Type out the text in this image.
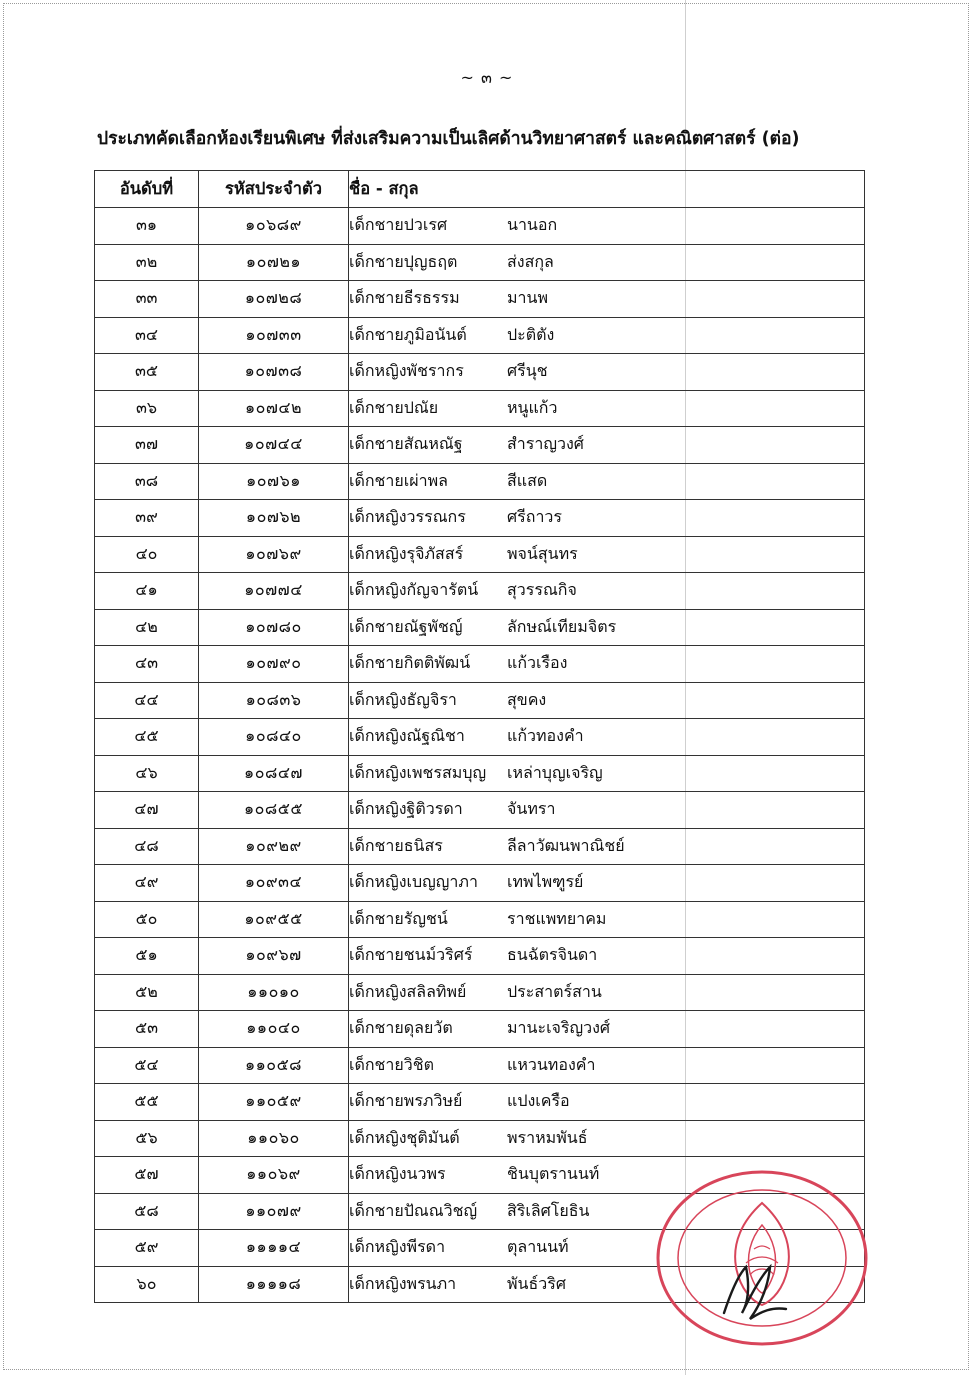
~ ๓ ~
ประเภทคัดเลือกห้องเรียนพิเศษ ที่ส่งเสริมความเป็นเลิศด้านวิทยาศาสตร์ และคณิตศาสตร์ (ต่อ)
อันดับที่	รหัสประจำตัว	ชื่อ - สกุล
๓๑	๑๐๖๘๙	เด็กชายปวเรศ นานอก
๓๒	๑๐๗๒๑	เด็กชายปุญธฤต ส่งสกุล
๓๓	๑๐๗๒๘	เด็กชายธีรธรรม มานพ
๓๔	๑๐๗๓๓	เด็กชายภูมิอนันต์ ปะติตัง
๓๕	๑๐๗๓๘	เด็กหญิงพัชรากร ศรีนุช
๓๖	๑๐๗๔๒	เด็กชายปณัย หนูแก้ว
๓๗	๑๐๗๔๔	เด็กชายสัณหณัฐ สำราญวงศ์
๓๘	๑๐๗๖๑	เด็กชายเผ่าพล สีแสด
๓๙	๑๐๗๖๒	เด็กหญิงวรรณกร ศรีถาวร
๔๐	๑๐๗๖๙	เด็กหญิงรุจิภัสสร์ พจน์สุนทร
๔๑	๑๐๗๗๔	เด็กหญิงกัญจารัตน์ สุวรรณกิจ
๔๒	๑๐๗๘๐	เด็กชายณัฐพัชญ์ ลักษณ์เทียมจิตร
๔๓	๑๐๗๙๐	เด็กชายกิตติพัฒน์ แก้วเรือง
๔๔	๑๐๘๓๖	เด็กหญิงธัญจิรา สุขคง
๔๕	๑๐๘๔๐	เด็กหญิงณัฐณิชา แก้วทองคำ
๔๖	๑๐๘๔๗	เด็กหญิงเพชรสมบุญ เหล่าบุญเจริญ
๔๗	๑๐๘๕๕	เด็กหญิงฐิติวรดา จันทรา
๔๘	๑๐๙๒๙	เด็กชายธนิสร ลีลาวัฒนพาณิชย์
๔๙	๑๐๙๓๔	เด็กหญิงเบญญาภา เทพไพฑูรย์
๕๐	๑๐๙๕๕	เด็กชายรัญชน์ ราชแพทยาคม
๕๑	๑๐๙๖๗	เด็กชายชนม์วริศร์ ธนฉัตรจินดา
๕๒	๑๑๐๑๐	เด็กหญิงสลิลทิพย์ ประสาตร์สาน
๕๓	๑๑๐๔๐	เด็กชายดุลยวัต มานะเจริญวงศ์
๕๔	๑๑๐๕๘	เด็กชายวิชิต แหวนทองคำ
๕๕	๑๑๐๕๙	เด็กชายพรภวิษย์ แปงเครือ
๕๖	๑๑๐๖๐	เด็กหญิงชุติมันต์ พราหมพันธ์
๕๗	๑๑๐๖๙	เด็กหญิงนวพร ชินบุตรานนท์
๕๘	๑๑๐๗๙	เด็กชายปัณณวิชญ์ สิริเลิศโยธิน
๕๙	๑๑๑๑๔	เด็กหญิงพีรดา ตุลานนท์
๖๐	๑๑๑๑๘	เด็กหญิงพรนภา พันธ์วริศ
